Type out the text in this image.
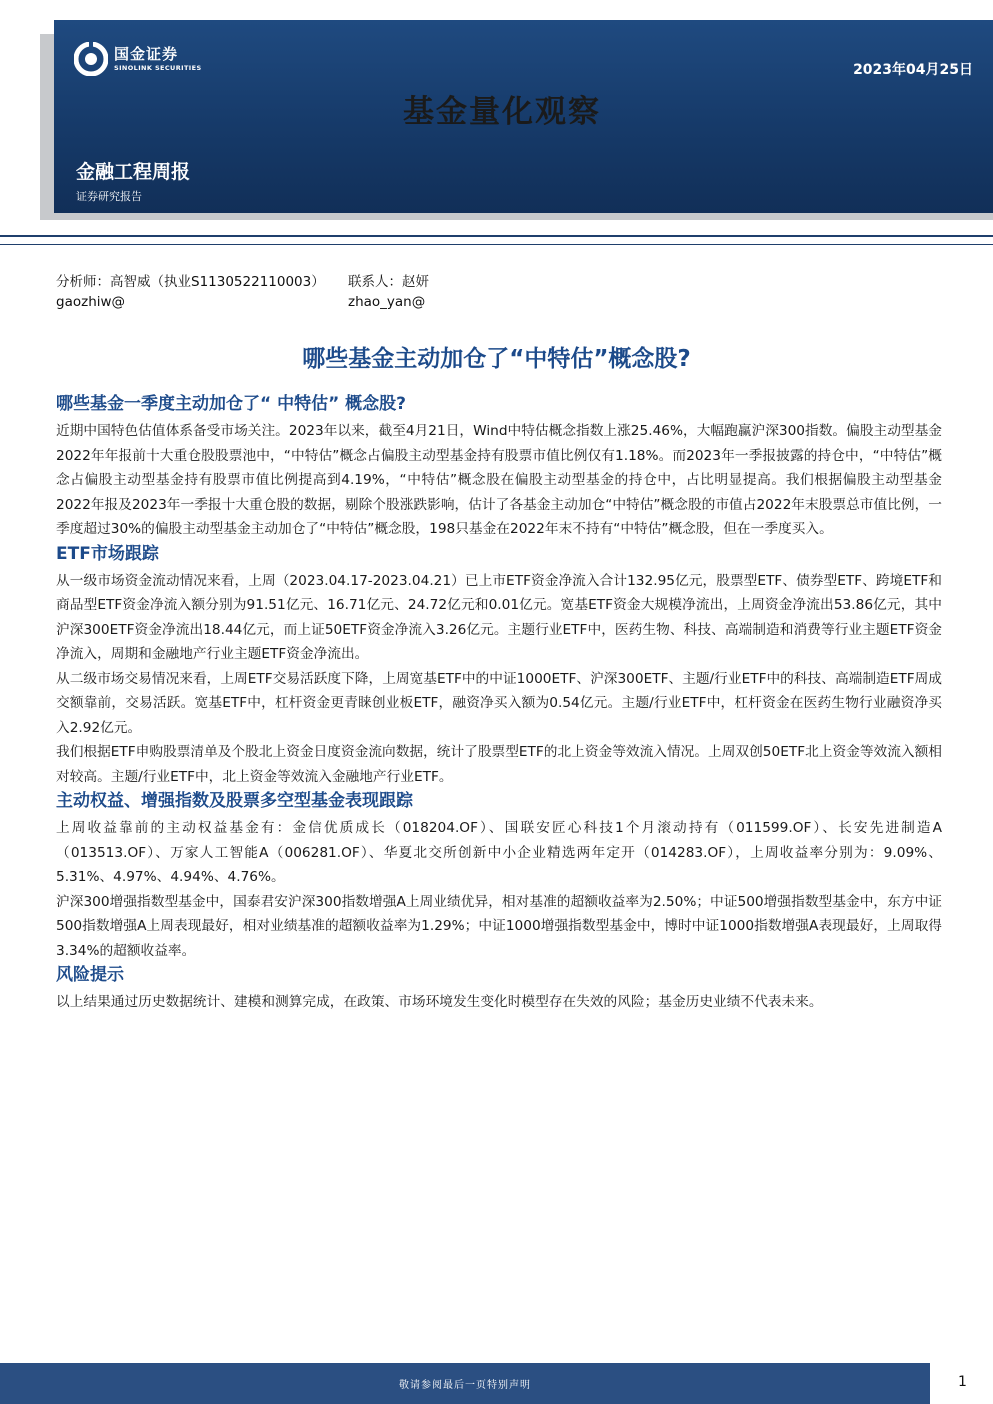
国金证券
SINOLINK SECURITIES	2023年04月25日
金融工程周报
证券研究报告
基金量化观察
分析师：高智威（执业S1130522110003）
gaozhiw@
联系人：赵妍
zhao_yan@
哪些基金主动加仓了“中特估”概念股?
哪些基金一季度主动加仓了“ 中特估” 概念股?

近期中国特色估值体系备受市场关注。2023年以来，截至4月21日，Wind中特估概念指数上涨25.46%，大幅跑赢沪深300指数。偏股主动型基金2022年年报前十大重仓股股票池中，“中特估”概念占偏股主动型基金持有股票市值比例仅有1.18%。而2023年一季报披露的持仓中，“中特估”概念占偏股主动型基金持有股票市值比例提高到4.19%，“中特估”概念股在偏股主动型基金的持仓中，占比明显提高。我们根据偏股主动型基金2022年报及2023年一季报十大重仓股的数据，剔除个股涨跌影响，估计了各基金主动加仓“中特估”概念股的市值占2022年末股票总市值比例，一季度超过30%的偏股主动型基金主动加仓了“中特估”概念股，198只基金在2022年末不持有“中特估”概念股，但在一季度买入。

ETF市场跟踪

从一级市场资金流动情况来看，上周（2023.04.17-2023.04.21）已上市ETF资金净流入合计132.95亿元，股票型ETF、债券型ETF、跨境ETF和商品型ETF资金净流入额分别为91.51亿元、16.71亿元、24.72亿元和0.01亿元。宽基ETF资金大规模净流出，上周资金净流出53.86亿元，其中沪深300ETF资金净流出18.44亿元，而上证50ETF资金净流入3.26亿元。主题行业ETF中，医药生物、科技、高端制造和消费等行业主题ETF资金净流入，周期和金融地产行业主题ETF资金净流出。

从二级市场交易情况来看，上周ETF交易活跃度下降，上周宽基ETF中的中证1000ETF、沪深300ETF、主题/行业ETF中的科技、高端制造ETF周成交额靠前，交易活跃。宽基ETF中，杠杆资金更青睐创业板ETF，融资净买入额为0.54亿元。主题/行业ETF中，杠杆资金在医药生物行业融资净买入2.92亿元。

我们根据ETF申购股票清单及个股北上资金日度资金流向数据，统计了股票型ETF的北上资金等效流入情况。上周双创50ETF北上资金等效流入额相对较高。主题/行业ETF中，北上资金等效流入金融地产行业ETF。

主动权益、增强指数及股票多空型基金表现跟踪

上周收益靠前的主动权益基金有：金信优质成长（018204.OF）、国联安匠心科技1个月滚动持有（011599.OF）、长安先进制造A（013513.OF）、万家人工智能A（006281.OF）、华夏北交所创新中小企业精选两年定开（014283.OF），上周收益率分别为：9.09%、5.31%、4.97%、4.94%、4.76%。

沪深300增强指数型基金中，国泰君安沪深300指数增强A上周业绩优异，相对基准的超额收益率为2.50%；中证500增强指数型基金中，东方中证500指数增强A上周表现最好，相对业绩基准的超额收益率为1.29%；中证1000增强指数型基金中，博时中证1000指数增强A表现最好，上周取得3.34%的超额收益率。

风险提示

以上结果通过历史数据统计、建模和测算完成，在政策、市场环境发生变化时模型存在失效的风险；基金历史业绩不代表未来。

敬请参阅最后一页特别声明	1
